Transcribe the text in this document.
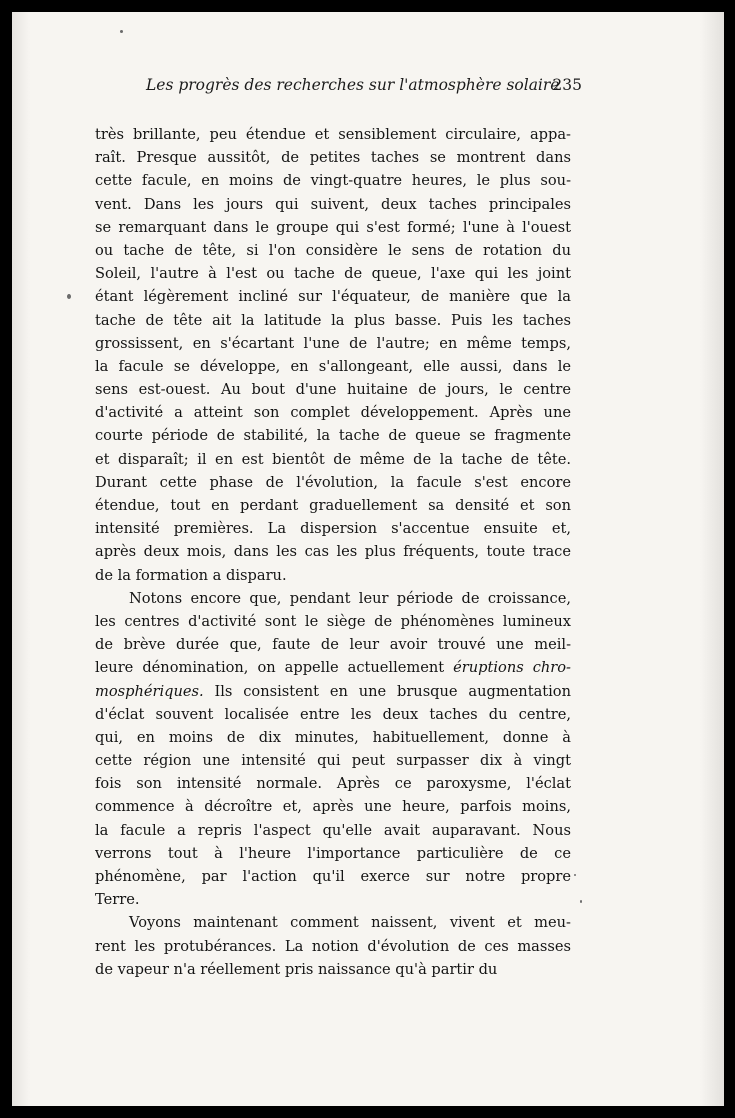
Les progrès des recherches sur l'atmosphère solaire
235
très brillante, peu étendue et sensiblement circulaire, appa-
raît. Presque aussitôt, de petites taches se montrent dans
cette facule, en moins de vingt-quatre heures, le plus sou-
vent. Dans les jours qui suivent, deux taches principales
se remarquant dans le groupe qui s'est formé; l'une à l'ouest
ou tache de tête, si l'on considère le sens de rotation du
Soleil, l'autre à l'est ou tache de queue, l'axe qui les joint
étant légèrement incliné sur l'équateur, de manière que la
tache de tête ait la latitude la plus basse. Puis les taches
grossissent, en s'écartant l'une de l'autre; en même temps,
la facule se développe, en s'allongeant, elle aussi, dans le
sens est-ouest. Au bout d'une huitaine de jours, le centre
d'activité a atteint son complet développement. Après une
courte période de stabilité, la tache de queue se fragmente
et disparaît; il en est bientôt de même de la tache de tête.
Durant cette phase de l'évolution, la facule s'est encore
étendue, tout en perdant graduellement sa densité et son
intensité premières. La dispersion s'accentue ensuite et,
après deux mois, dans les cas les plus fréquents, toute trace
de la formation a disparu.
Notons encore que, pendant leur période de croissance,
les centres d'activité sont le siège de phénomènes lumineux
de brève durée que, faute de leur avoir trouvé une meil-
leure dénomination, on appelle actuellement éruptions chro-
mosphériques. Ils consistent en une brusque augmentation
d'éclat souvent localisée entre les deux taches du centre,
qui, en moins de dix minutes, habituellement, donne à
cette région une intensité qui peut surpasser dix à vingt
fois son intensité normale. Après ce paroxysme, l'éclat
commence à décroître et, après une heure, parfois moins,
la facule a repris l'aspect qu'elle avait auparavant. Nous
verrons tout à l'heure l'importance particulière de ce
phénomène, par l'action qu'il exerce sur notre propre
Terre.
Voyons maintenant comment naissent, vivent et meu-
rent les protubérances. La notion d'évolution de ces masses
de vapeur n'a réellement pris naissance qu'à partir du
